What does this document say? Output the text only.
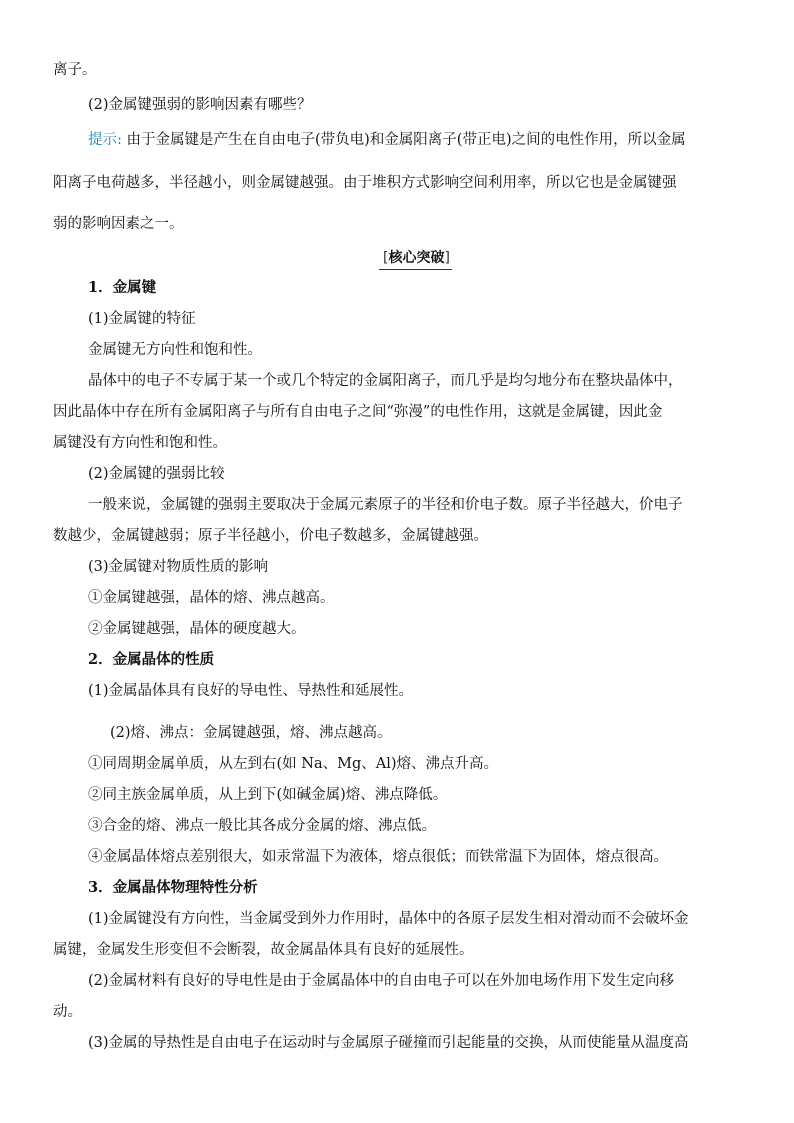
离子。
(2)金属键强弱的影响因素有哪些？
提示: 由于金属键是产生在自由电子(带负电)和金属阳离子(带正电)之间的电性作用，所以金属
阳离子电荷越多，半径越小，则金属键越强。由于堆积方式影响空间利用率，所以它也是金属键强
弱的影响因素之一。
[核心突破]
1．金属键
(1)金属键的特征
金属键无方向性和饱和性。
晶体中的电子不专属于某一个或几个特定的金属阳离子，而几乎是均匀地分布在整块晶体中，
因此晶体中存在所有金属阳离子与所有自由电子之间“弥漫”的电性作用，这就是金属键，因此金
属键没有方向性和饱和性。
(2)金属键的强弱比较
一般来说，金属键的强弱主要取决于金属元素原子的半径和价电子数。原子半径越大，价电子
数越少，金属键越弱；原子半径越小，价电子数越多，金属键越强。
(3)金属键对物质性质的影响
①金属键越强，晶体的熔、沸点越高。
②金属键越强，晶体的硬度越大。
2．金属晶体的性质
(1)金属晶体具有良好的导电性、导热性和延展性。
(2)熔、沸点：金属键越强，熔、沸点越高。
①同周期金属单质，从左到右(如 Na、Mg、Al)熔、沸点升高。
②同主族金属单质，从上到下(如碱金属)熔、沸点降低。
③合金的熔、沸点一般比其各成分金属的熔、沸点低。
④金属晶体熔点差别很大，如汞常温下为液体，熔点很低；而铁常温下为固体，熔点很高。
3．金属晶体物理特性分析
(1)金属键没有方向性，当金属受到外力作用时，晶体中的各原子层发生相对滑动而不会破坏金
属键，金属发生形变但不会断裂，故金属晶体具有良好的延展性。
(2)金属材料有良好的导电性是由于金属晶体中的自由电子可以在外加电场作用下发生定向移
动。
(3)金属的导热性是自由电子在运动时与金属原子碰撞而引起能量的交换，从而使能量从温度高
